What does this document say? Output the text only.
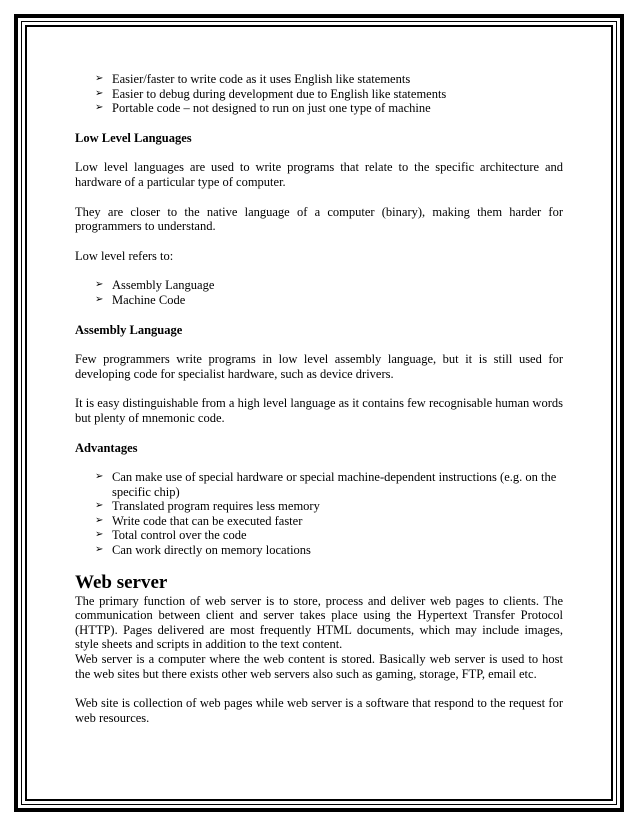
➢ Easier/faster to write code as it uses English like statements
➢ Easier to debug during development due to English like statements
➢ Portable code – not designed to run on just one type of machine

Low Level Languages

Low level languages are used to write programs that relate to the specific architecture and hardware of a particular type of computer.

They are closer to the native language of a computer (binary), making them harder for programmers to understand.

Low level refers to:

➢ Assembly Language
➢ Machine Code

Assembly Language

Few programmers write programs in low level assembly language, but it is still used for developing code for specialist hardware, such as device drivers.

It is easy distinguishable from a high level language as it contains few recognisable human words but plenty of mnemonic code.

Advantages

➢ Can make use of special hardware or special machine-dependent instructions (e.g. on the specific chip)
➢ Translated program requires less memory
➢ Write code that can be executed faster
➢ Total control over the code
➢ Can work directly on memory locations

Web server

The primary function of web server is to store, process and deliver web pages to clients. The communication between client and server takes place using the Hypertext Transfer Protocol (HTTP). Pages delivered are most frequently HTML documents, which may include images, style sheets and scripts in addition to the text content.

Web server is a computer where the web content is stored. Basically web server is used to host the web sites but there exists other web servers also such as gaming, storage, FTP, email etc.

Web site is collection of web pages while web server is a software that respond to the request for web resources.
